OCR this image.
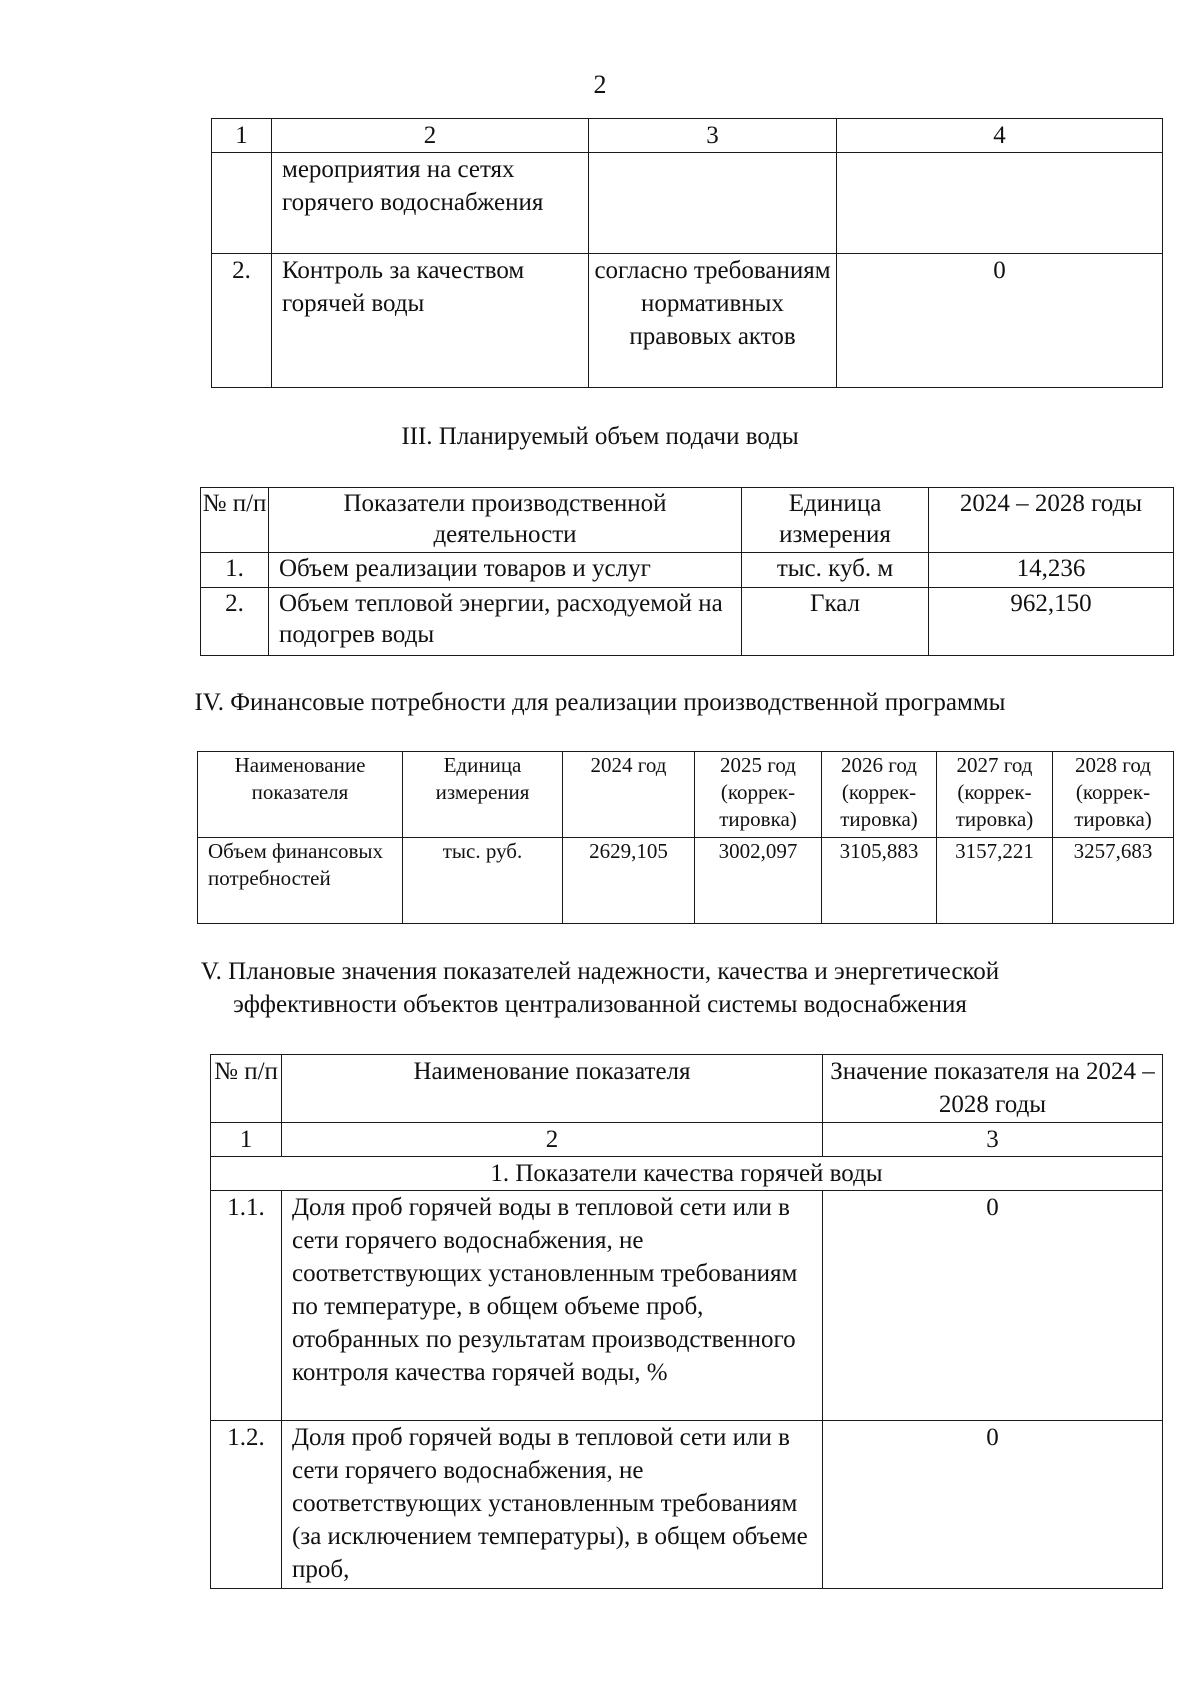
2
1	2	3	4
	мероприятия на сетях горячего водоснабжения		
2.	Контроль за качеством горячей воды	согласно требованиям нормативных правовых актов	0
III. Планируемый объем подачи воды
№ п/п	Показатели производственной деятельности	Единица измерения	2024 – 2028 годы
1.	Объем реализации товаров и услуг	тыс. куб. м	14,236
2.	Объем тепловой энергии, расходуемой на подогрев воды	Гкал	962,150
IV. Финансовые потребности для реализации производственной программы
Наименование показателя	Единица измерения	2024 год	2025 год (коррек-тировка)	2026 год (коррек-тировка)	2027 год (коррек-тировка)	2028 год (коррек-тировка)
Объем финансовых потребностей	тыс. руб.	2629,105	3002,097	3105,883	3157,221	3257,683
V. Плановые значения показателей надежности, качества и энергетической
эффективности объектов централизованной системы водоснабжения
№ п/п	Наименование показателя	Значение показателя на 2024 – 2028 годы
1	2	3
1. Показатели качества горячей воды		
1.1.	Доля проб горячей воды в тепловой сети или в сети горячего водоснабжения, не соответствующих установленным требованиям по температуре, в общем объеме проб, отобранных по результатам производственного контроля качества горячей воды, %	0
1.2.	Доля проб горячей воды в тепловой сети или в сети горячего водоснабжения, не соответствующих установленным требованиям (за исключением температуры), в общем объеме проб,	0
